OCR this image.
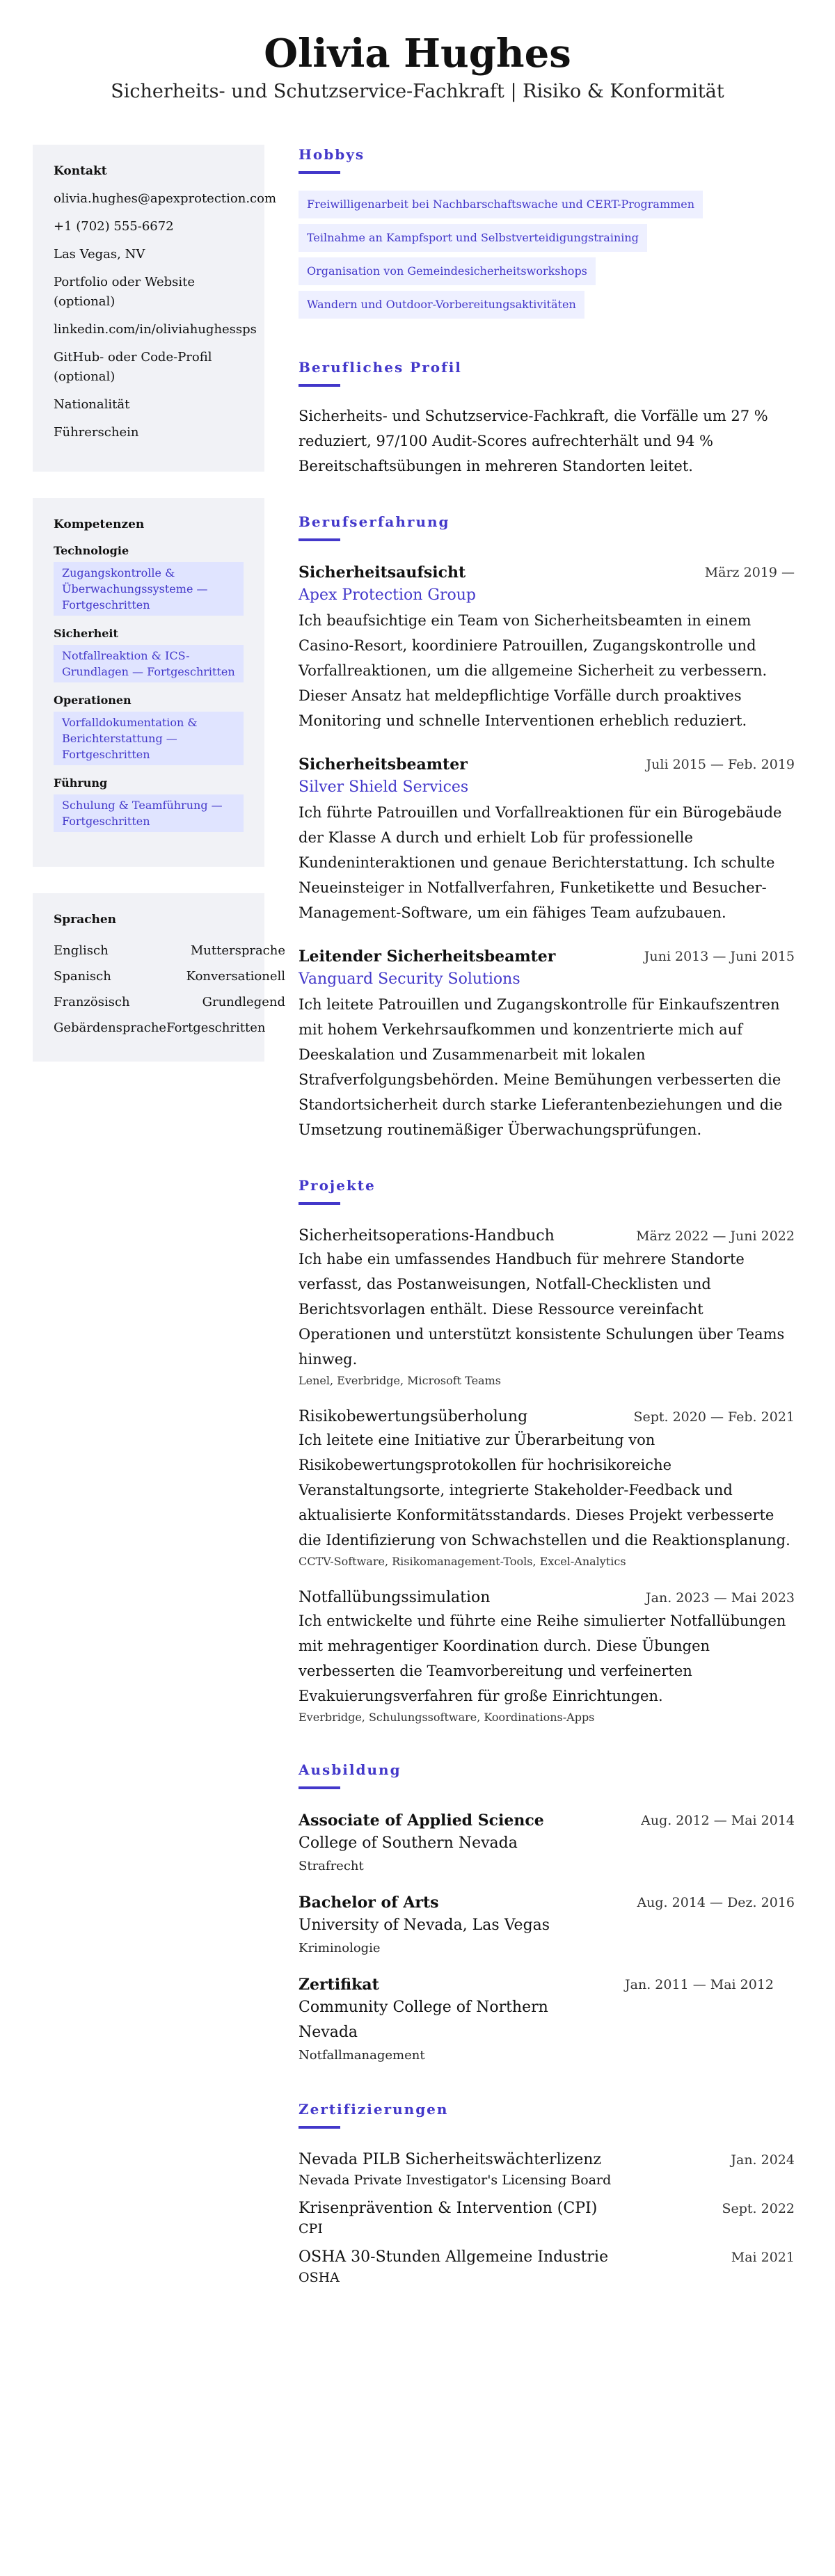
Olivia Hughes
Sicherheits- und Schutzservice-Fachkraft | Risiko & Konformität
Kontakt
olivia.hughes@apexprotection.com
+1 (702) 555-6672
Las Vegas, NV
Portfolio oder Website (optional)
linkedin.com/in/oliviahughessps
GitHub- oder Code-Profil (optional)
Nationalität
Führerschein
Kompetenzen
Technologie
Zugangskontrolle & Überwachungssysteme — Fortgeschritten
Sicherheit
Notfallreaktion & ICS-Grundlagen — Fortgeschritten
Operationen
Vorfalldokumentation & Berichterstattung — Fortgeschritten
Führung
Schulung & Teamführung — Fortgeschritten
Sprachen
Englisch	Muttersprache
Spanisch	Konversationell
Französisch	Grundlegend
Gebärdensprache Fortgeschritten
Hobbys
Freiwilligenarbeit bei Nachbarschaftswache und CERT-Programmen
Teilnahme an Kampfsport und Selbstverteidigungstraining
Organisation von Gemeindesicherheitsworkshops
Wandern und Outdoor-Vorbereitungsaktivitäten
Berufliches Profil

Sicherheits- und Schutzservice-Fachkraft, die Vorfälle um 27 % reduziert, 97/100 Audit-Scores aufrechterhält und 94 % Bereitschaftsübungen in mehreren Standorten leitet.

Berufserfahrung
Sicherheitsaufsicht	März 2019 —
Apex Protection Group

Ich beaufsichtige ein Team von Sicherheitsbeamten in einem Casino-Resort, koordiniere Patrouillen, Zugangskontrolle und Vorfallreaktionen, um die allgemeine Sicherheit zu verbessern. Dieser Ansatz hat meldepflichtige Vorfälle durch proaktives Monitoring und schnelle Interventionen erheblich reduziert.

Sicherheitsbeamter	Juli 2015 — Feb. 2019
Silver Shield Services

Ich führte Patrouillen und Vorfallreaktionen für ein Bürogebäude der Klasse A durch und erhielt Lob für professionelle Kundeninteraktionen und genaue Berichterstattung. Ich schulte Neueinsteiger in Notfallverfahren, Funketikette und Besucher-Management-Software, um ein fähiges Team aufzubauen.

Leitender Sicherheitsbeamter	Juni 2013 — Juni 2015
Vanguard Security Solutions

Ich leitete Patrouillen und Zugangskontrolle für Einkaufszentren mit hohem Verkehrsaufkommen und konzentrierte mich auf Deeskalation und Zusammenarbeit mit lokalen Strafverfolgungsbehörden. Meine Bemühungen verbesserten die Standortsicherheit durch starke Lieferantenbeziehungen und die Umsetzung routinemäßiger Überwachungsprüfungen.

Projekte
Sicherheitsoperations-Handbuch	März 2022 — Juni 2022

Ich habe ein umfassendes Handbuch für mehrere Standorte verfasst, das Postanweisungen, Notfall-Checklisten und Berichtsvorlagen enthält. Diese Ressource vereinfacht Operationen und unterstützt konsistente Schulungen über Teams hinweg.

Lenel, Everbridge, Microsoft Teams
Risikobewertungsüberholung	Sept. 2020 — Feb. 2021

Ich leitete eine Initiative zur Überarbeitung von Risikobewertungsprotokollen für hochrisikoreiche Veranstaltungsorte, integrierte Stakeholder-Feedback und aktualisierte Konformitätsstandards. Dieses Projekt verbesserte die Identifizierung von Schwachstellen und die Reaktionsplanung.

CCTV-Software, Risikomanagement-Tools, Excel-Analytics
Notfallübungssimulation	Jan. 2023 — Mai 2023

Ich entwickelte und führte eine Reihe simulierter Notfallübungen mit mehragentiger Koordination durch. Diese Übungen verbesserten die Teamvorbereitung und verfeinerten Evakuierungsverfahren für große Einrichtungen.

Everbridge, Schulungssoftware, Koordinations-Apps
Ausbildung
Associate of Applied Science	Aug. 2012 — Mai 2014
College of Southern Nevada
Strafrecht
Bachelor of Arts	Aug. 2014 — Dez. 2016
University of Nevada, Las Vegas
Kriminologie
Zertifikat
Community College of Northern Nevada
Notfallmanagement
Jan. 2011 — Mai 2012
Zertifizierungen
Nevada PILB Sicherheitswächterlizenz	Jan. 2024
Nevada Private Investigator's Licensing Board
Krisenprävention & Intervention (CPI)	Sept. 2022
CPI
OSHA 30-Stunden Allgemeine Industrie	Mai 2021
OSHA
